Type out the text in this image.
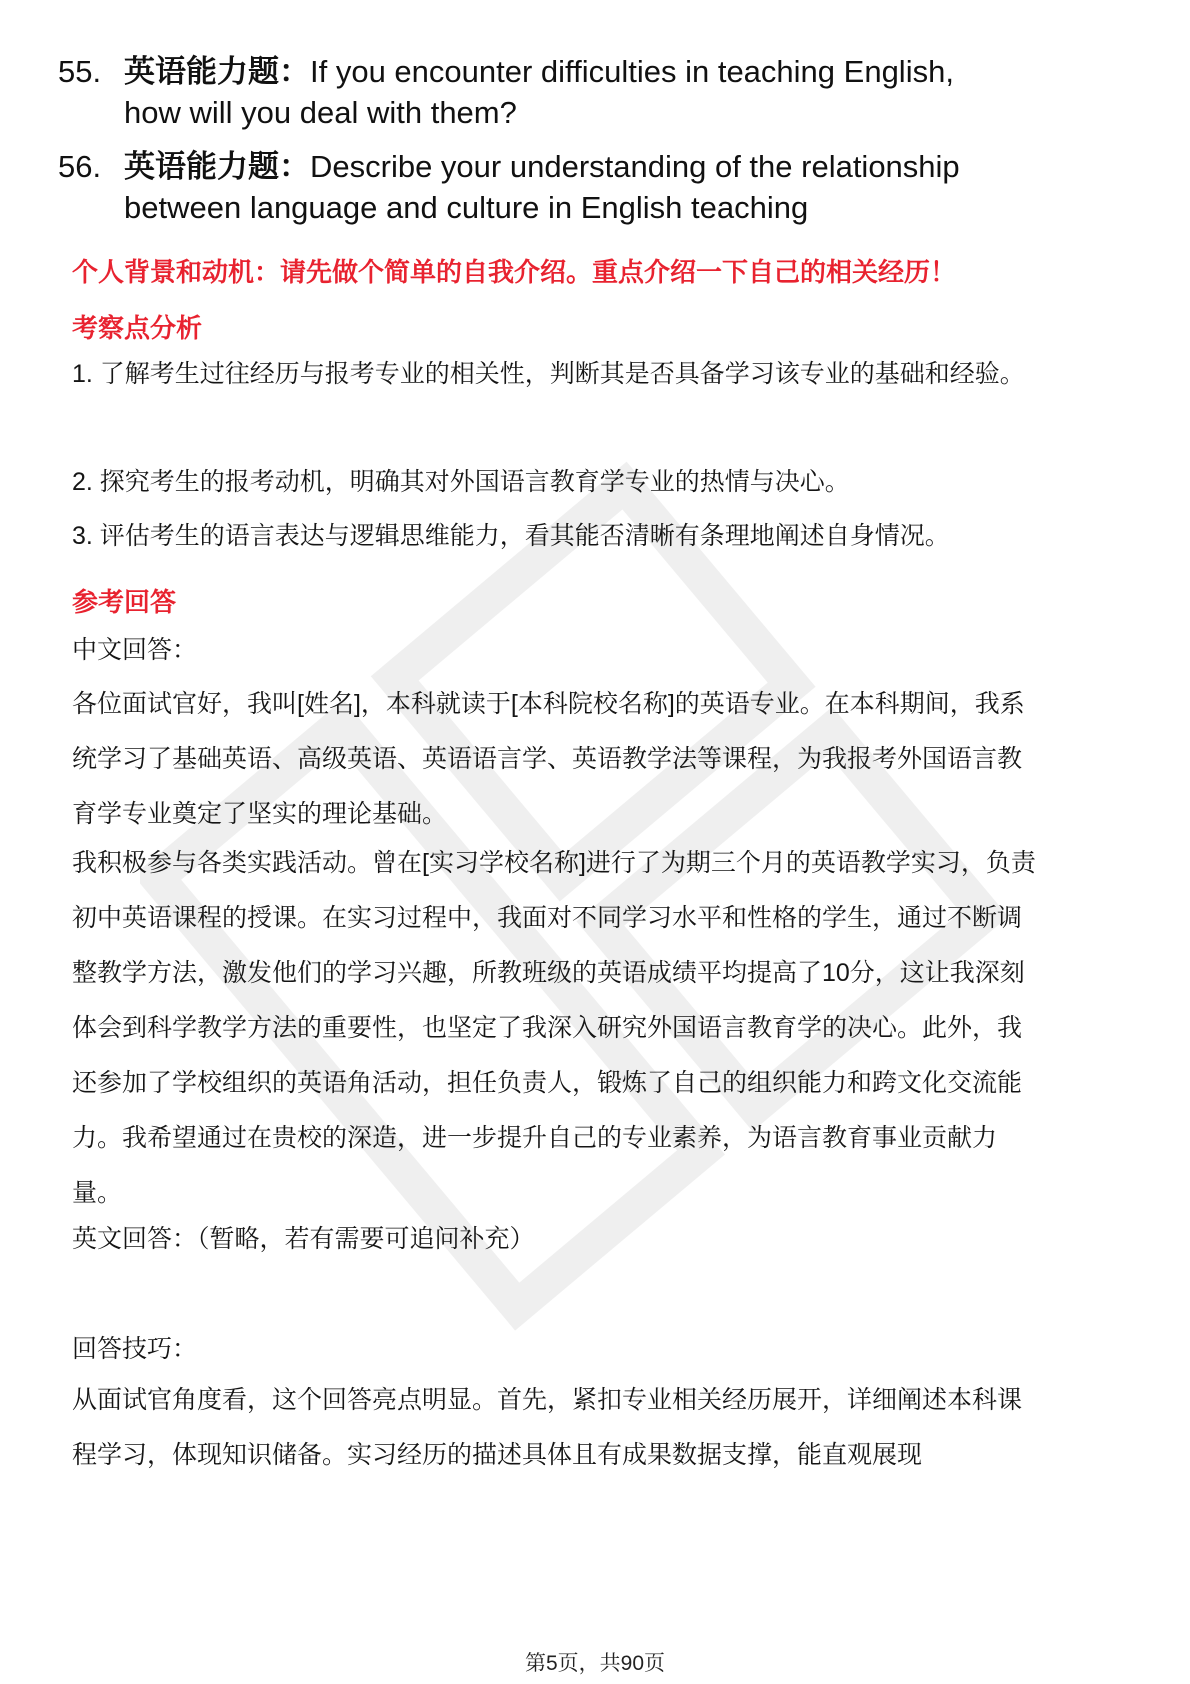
55. 英语能力题：If you encounter difficulties in teaching English,
how will you deal with them?
56. 英语能力题：Describe your understanding of the relationship
between language and culture in English teaching
个人背景和动机：请先做个简单的自我介绍。重点介绍一下自己的相关经历！
考察点分析
1. 了解考生过往经历与报考专业的相关性，判断其是否具备学习该专业的基础和经验。
2. 探究考生的报考动机，明确其对外国语言教育学专业的热情与决心。
3. 评估考生的语言表达与逻辑思维能力，看其能否清晰有条理地阐述自身情况。
参考回答
中文回答：
各位面试官好，我叫[姓名]，本科就读于[本科院校名称]的英语专业。在本科期间，我系统学习了基础英语、高级英语、英语语言学、英语教学法等课程，为我报考外国语言教育学专业奠定了坚实的理论基础。
我积极参与各类实践活动。曾在[实习学校名称]进行了为期三个月的英语教学实习，负责初中英语课程的授课。在实习过程中，我面对不同学习水平和性格的学生，通过不断调整教学方法，激发他们的学习兴趣，所教班级的英语成绩平均提高了10分，这让我深刻体会到科学教学方法的重要性，也坚定了我深入研究外国语言教育学的决心。此外，我还参加了学校组织的英语角活动，担任负责人，锻炼了自己的组织能力和跨文化交流能力。我希望通过在贵校的深造，进一步提升自己的专业素养，为语言教育事业贡献力量。
英文回答：（暂略，若有需要可追问补充）
回答技巧：
从面试官角度看，这个回答亮点明显。首先，紧扣专业相关经历展开，详细阐述本科课程学习，体现知识储备。实习经历的描述具体且有成果数据支撑，能直观展现
第5页，共90页
